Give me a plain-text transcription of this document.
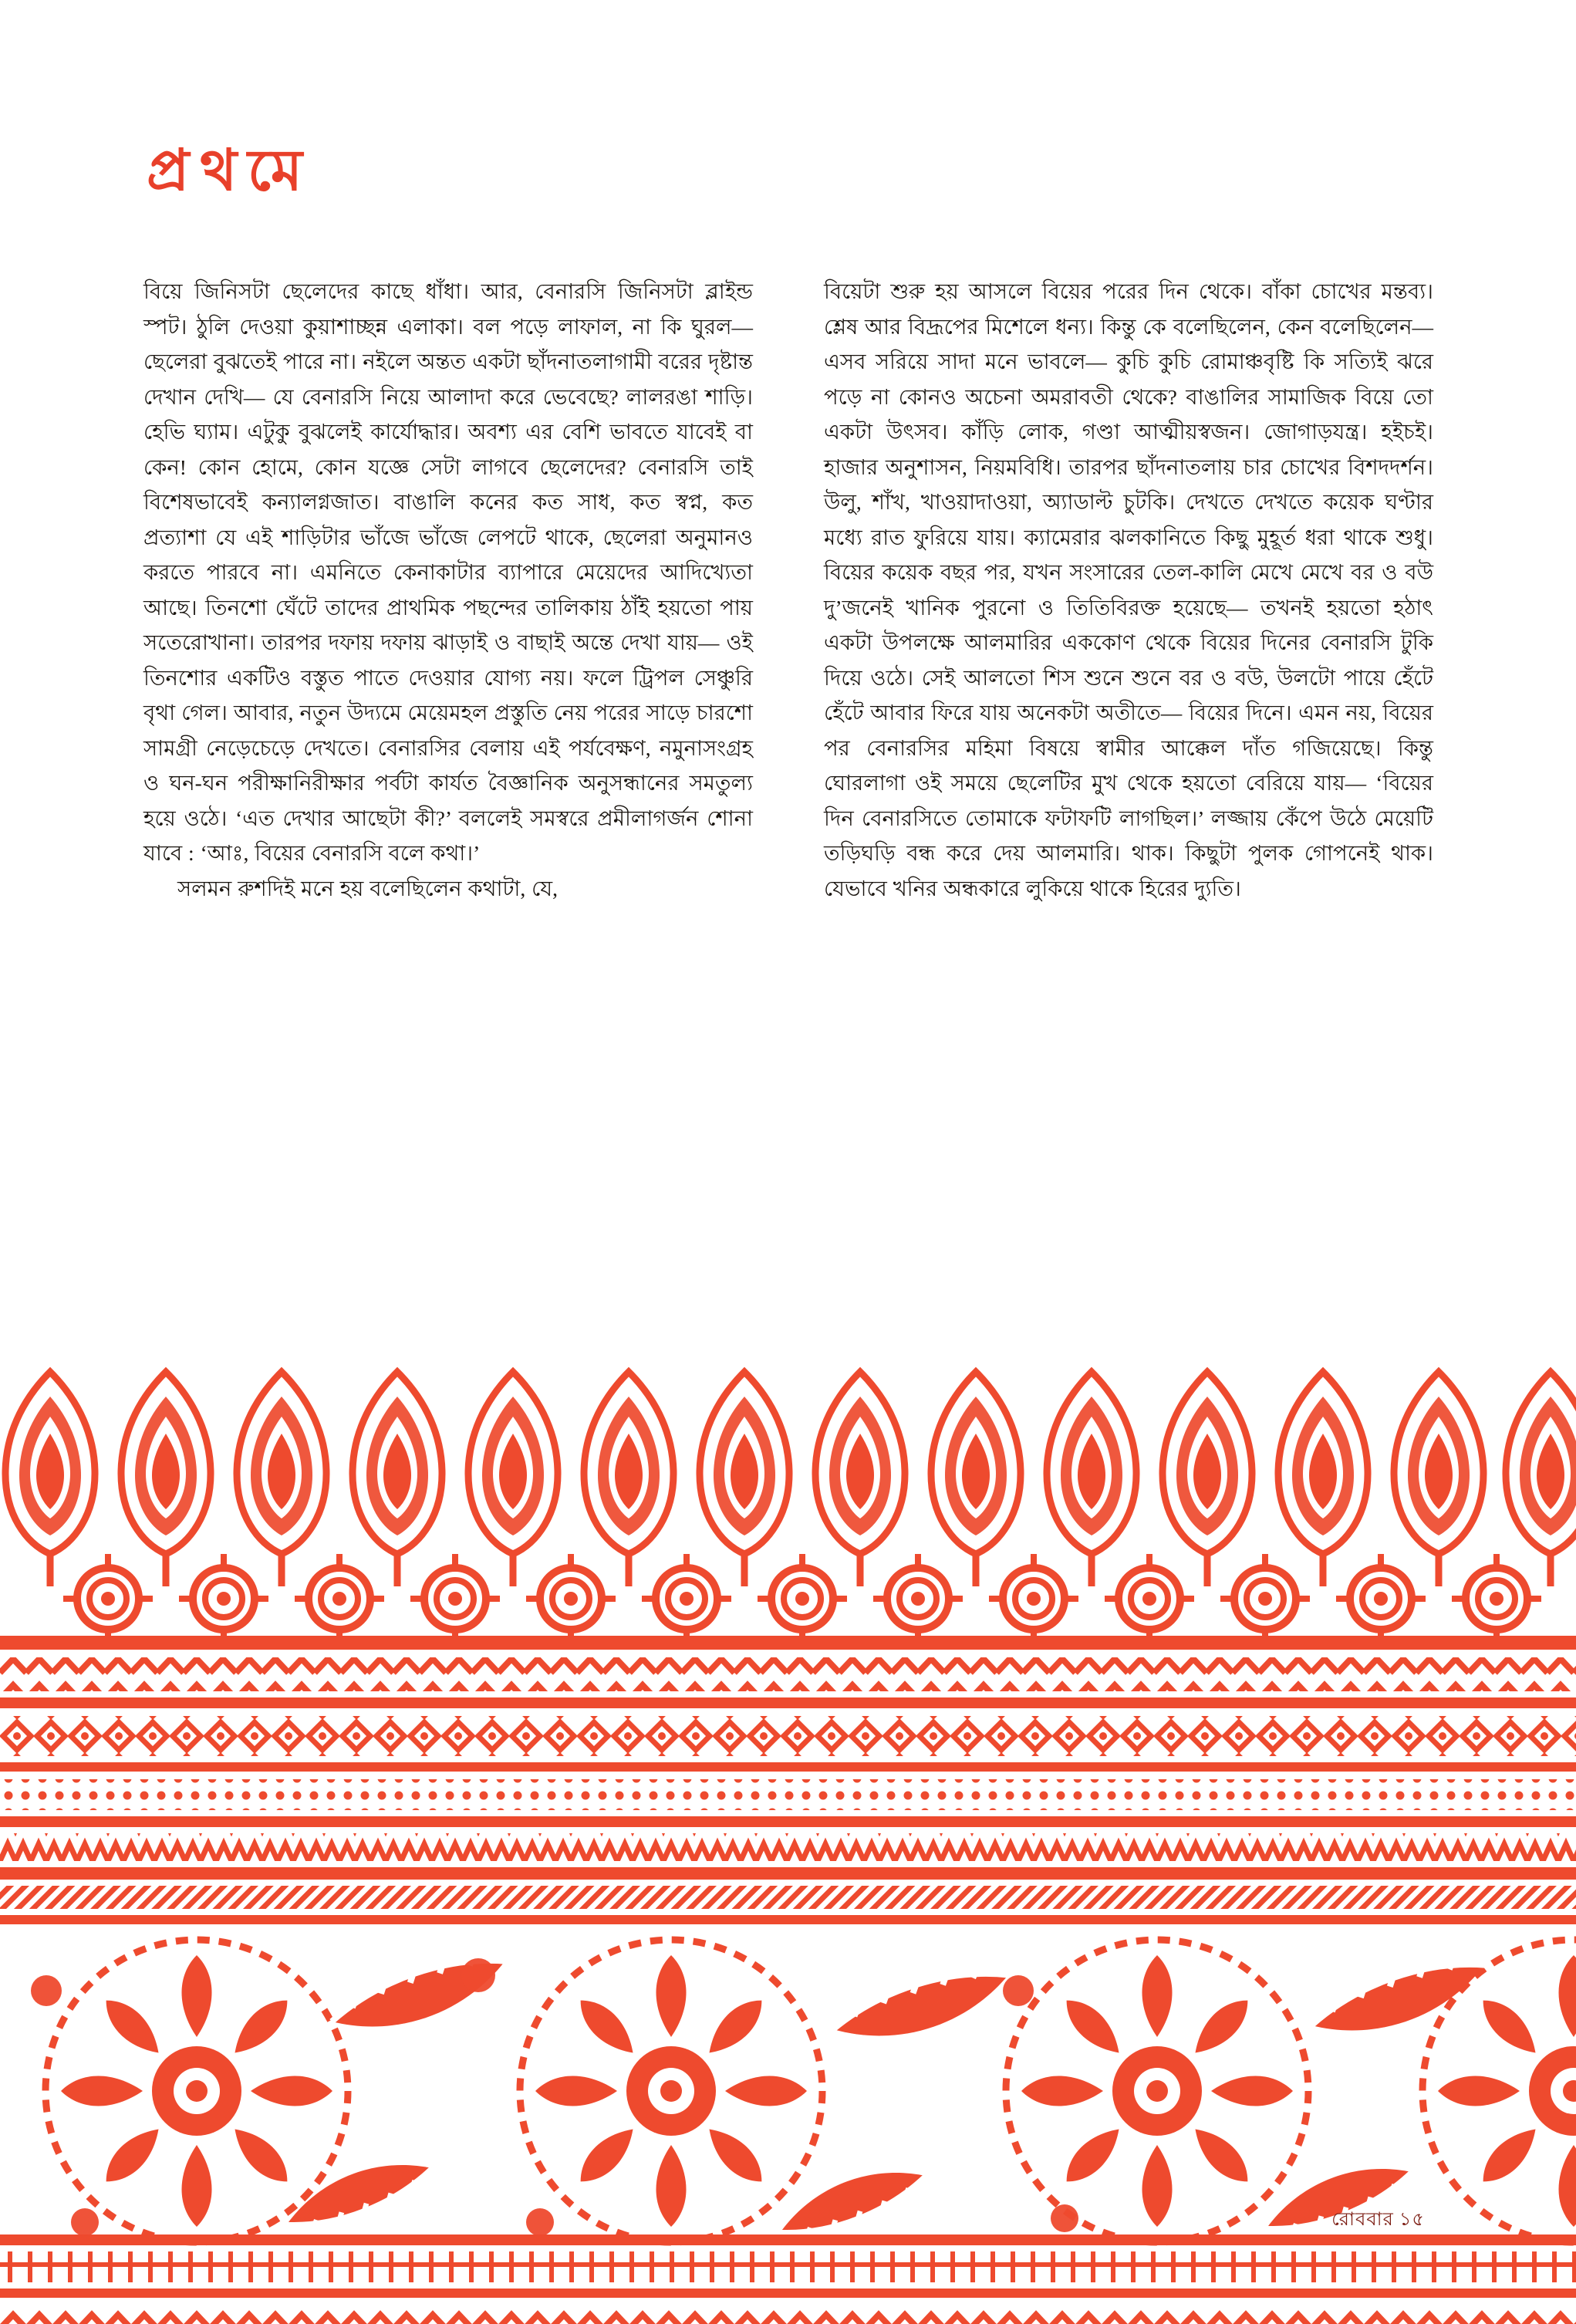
প্রথমে

বিয়ে জিনিসটা ছেলেদের কাছে ধাঁধা। আর, বেনারসি জিনিসটা ব্লাইন্ড স্পট। ঠুলি দেওয়া কুয়াশাচ্ছন্ন এলাকা। বল পড়ে লাফাল, না কি ঘুরল— ছেলেরা বুঝতেই পারে না। নইলে অন্তত একটা ছাঁদনাতলাগামী বরের দৃষ্টান্ত দেখান দেখি— যে বেনারসি নিয়ে আলাদা করে ভেবেছে? লালরঙা শাড়ি। হেভি ঘ্যাম। এটুকু বুঝলেই কার্যোদ্ধার। অবশ্য এর বেশি ভাবতে যাবেই বা কেন! কোন হোমে, কোন যজ্ঞে সেটা লাগবে ছেলেদের? বেনারসি তাই বিশেষভাবেই কন্যালগ্নজাত। বাঙালি কনের কত সাধ, কত স্বপ্ন, কত প্রত্যাশা যে এই শাড়িটার ভাঁজে ভাঁজে লেপটে থাকে, ছেলেরা অনুমানও করতে পারবে না। এমনিতে কেনাকাটার ব্যাপারে মেয়েদের আদিখ্যেতা আছে। তিনশো ঘেঁটে তাদের প্রাথমিক পছন্দের তালিকায় ঠাঁই হয়তো পায় সতেরোখানা। তারপর দফায় দফায় ঝাড়াই ও বাছাই অন্তে দেখা যায়— ওই তিনশোর একটিও বস্তুত পাতে দেওয়ার যোগ্য নয়। ফলে ট্রিপল সেঞ্চুরি বৃথা গেল। আবার, নতুন উদ্যমে মেয়েমহল প্রস্তুতি নেয় পরের সাড়ে চারশো সামগ্রী নেড়েচেড়ে দেখতে। বেনারসির বেলায় এই পর্যবেক্ষণ, নমুনাসংগ্রহ ও ঘন-ঘন পরীক্ষানিরীক্ষার পর্বটা কার্যত বৈজ্ঞানিক অনুসন্ধানের সমতুল্য হয়ে ওঠে। ‘এত দেখার আছেটা কী?’ বললেই সমস্বরে প্রমীলাগর্জন শোনা যাবে : ‘আঃ, বিয়ের বেনারসি বলে কথা।’

সলমন রুশদিই মনে হয় বলেছিলেন কথাটা, যে,

বিয়েটা শুরু হয় আসলে বিয়ের পরের দিন থেকে। বাঁকা চোখের মন্তব্য। শ্লেষ আর বিদ্রূপের মিশেলে ধন্য। কিন্তু কে বলেছিলেন, কেন বলেছিলেন— এসব সরিয়ে সাদা মনে ভাবলে— কুচি কুচি রোমাঞ্চবৃষ্টি কি সত্যিই ঝরে পড়ে না কোনও অচেনা অমরাবতী থেকে? বাঙালির সামাজিক বিয়ে তো একটা উৎসব। কাঁড়ি লোক, গণ্ডা আত্মীয়স্বজন। জোগাড়যন্ত্র। হইচই। হাজার অনুশাসন, নিয়মবিধি। তারপর ছাঁদনাতলায় চার চোখের বিশদদর্শন। উলু, শাঁখ, খাওয়াদাওয়া, অ্যাডাল্ট চুটকি। দেখতে দেখতে কয়েক ঘণ্টার মধ্যে রাত ফুরিয়ে যায়। ক্যামেরার ঝলকানিতে কিছু মুহূর্ত ধরা থাকে শুধু। বিয়ের কয়েক বছর পর, যখন সংসারের তেল-কালি মেখে মেখে বর ও বউ দু’জনেই খানিক পুরনো ও তিতিবিরক্ত হয়েছে— তখনই হয়তো হঠাৎ একটা উপলক্ষে আলমারির এককোণ থেকে বিয়ের দিনের বেনারসি টুকি দিয়ে ওঠে। সেই আলতো শিস শুনে শুনে বর ও বউ, উলটো পায়ে হেঁটে হেঁটে আবার ফিরে যায় অনেকটা অতীতে— বিয়ের দিনে। এমন নয়, বিয়ের পর বেনারসির মহিমা বিষয়ে স্বামীর আক্কেল দাঁত গজিয়েছে। কিন্তু ঘোরলাগা ওই সময়ে ছেলেটির মুখ থেকে হয়তো বেরিয়ে যায়— ‘বিয়ের দিন বেনারসিতে তোমাকে ফটাফটি লাগছিল।’ লজ্জায় কেঁপে উঠে মেয়েটি তড়িঘড়ি বন্ধ করে দেয় আলমারি। থাক। কিছুটা পুলক গোপনেই থাক। যেভাবে খনির অন্ধকারে লুকিয়ে থাকে হিরের দ্যুতি।

রোববার ১৫
